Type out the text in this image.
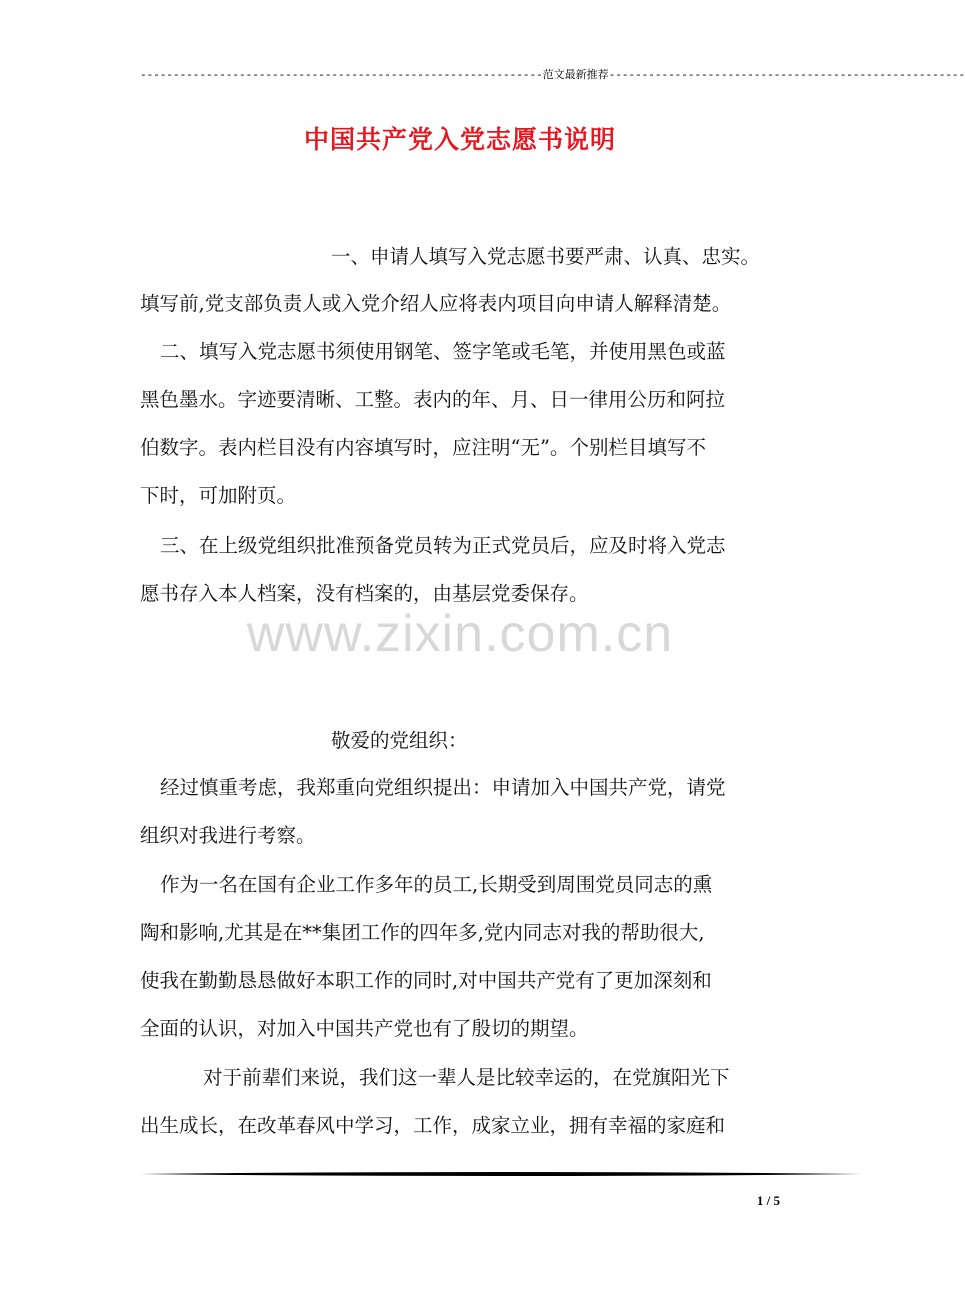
-------------------------------------------------------------范文最新推荐------------------------------------------------------
中国共产党入党志愿书说明
一、申请人填写入党志愿书要严肃、认真、忠实。
填写前,党支部负责人或入党介绍人应将表内项目向申请人解释清楚。
二、填写入党志愿书须使用钢笔、签字笔或毛笔，并使用黑色或蓝
黑色墨水。字迹要清晰、工整。表内的年、月、日一律用公历和阿拉
伯数字。表内栏目没有内容填写时，应注明“无”。个别栏目填写不
下时，可加附页。
三、在上级党组织批准预备党员转为正式党员后，应及时将入党志
愿书存入本人档案，没有档案的，由基层党委保存。
www.zixin.com.cn
敬爱的党组织：
经过慎重考虑，我郑重向党组织提出：申请加入中国共产党，请党
组织对我进行考察。
作为一名在国有企业工作多年的员工,长期受到周围党员同志的熏
陶和影响,尤其是在**集团工作的四年多,党内同志对我的帮助很大,
使我在勤勤恳恳做好本职工作的同时,对中国共产党有了更加深刻和
全面的认识，对加入中国共产党也有了殷切的期望。
对于前辈们来说，我们这一辈人是比较幸运的，在党旗阳光下
出生成长，在改革春风中学习，工作，成家立业，拥有幸福的家庭和
1 / 5
